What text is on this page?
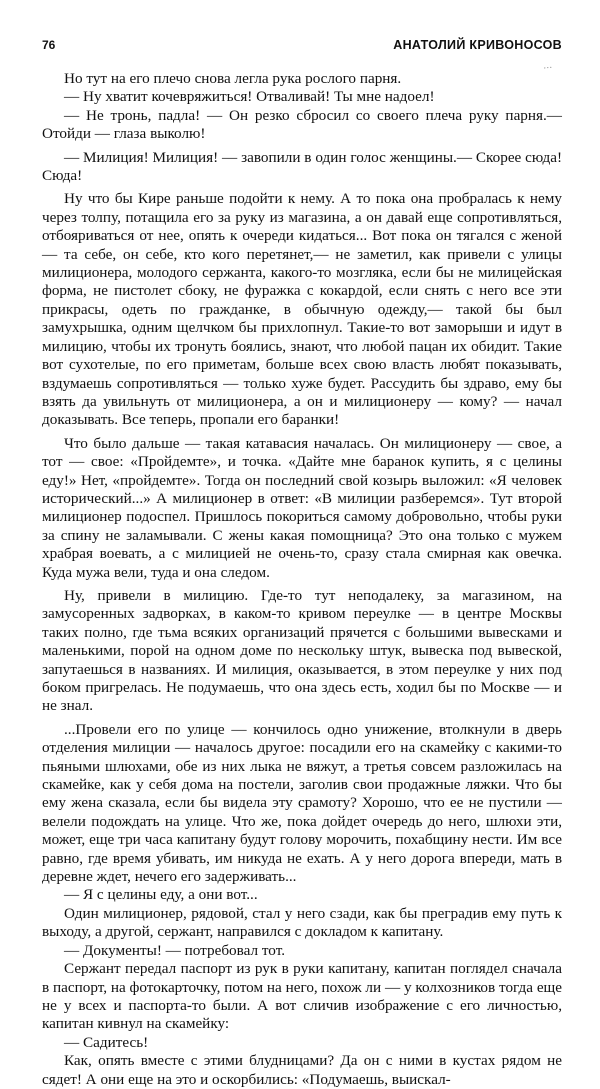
76	АНАТОЛИЙ КРИВОНОСОВ
…

Но тут на его плечо снова легла рука рослого парня.

— Ну хватит кочевряжиться! Отваливай! Ты мне надоел!

— Не тронь, падла! — Он резко сбросил со своего плеча руку парня.— Отойди — глаза выколю!

— Милиция! Милиция! — завопили в один голос женщины.— Скорее сюда! Сюда!

Ну что бы Кире раньше подойти к нему. А то пока она пробралась к нему через толпу, потащила его за руку из магазина, а он давай еще сопротивляться, отбояриваться от нее, опять к очереди кидаться... Вот пока он тягался с женой — та себе, он себе, кто кого перетянет,— не заметил, как привели с улицы милиционера, молодого сержанта, какого-то мозгляка, если бы не милицейская форма, не пистолет сбоку, не фуражка с кокардой, если снять с него все эти прикрасы, одеть по гражданке, в обычную одежду,— такой бы был замухрышка, одним щелчком бы прихлопнул. Такие-то вот заморыши и идут в милицию, чтобы их тронуть боялись, знают, что любой пацан их обидит. Такие вот сухотелые, по его приметам, больше всех свою власть любят показывать, вздумаешь сопротивляться — только хуже будет. Рассудить бы здраво, ему бы взять да увильнуть от милиционера, а он и милиционеру — кому? — начал доказывать. Все теперь, пропали его баранки!

Что было дальше — такая катавасия началась. Он милиционеру — свое, а тот — свое: «Пройдемте», и точка. «Дайте мне баранок купить, я с целины еду!» Нет, «пройдемте». Тогда он последний свой козырь выложил: «Я человек исторический...» А милиционер в ответ: «В милиции разберемся». Тут второй милиционер подоспел. Пришлось покориться самому добровольно, чтобы руки за спину не заламывали. С жены какая помощница? Это она только с мужем храбрая воевать, а с милицией не очень-то, сразу стала смирная как овечка. Куда мужа вели, туда и она следом.

Ну, привели в милицию. Где-то тут неподалеку, за магазином, на замусоренных задворках, в каком-то кривом переулке — в центре Москвы таких полно, где тьма всяких организаций прячется с большими вывесками и маленькими, порой на одном доме по нескольку штук, вывеска под вывеской, запутаешься в названиях. И милиция, оказывается, в этом переулке у них под боком пригрелась. Не подумаешь, что она здесь есть, ходил бы по Москве — и не знал.

...Провели его по улице — кончилось одно унижение, втолкнули в дверь отделения милиции — началось другое: посадили его на скамейку с какими-то пьяными шлюхами, обе из них лыка не вяжут, а третья совсем разложилась на скамейке, как у себя дома на постели, заголив свои продажные ляжки. Что бы ему жена сказала, если бы видела эту срамоту? Хорошо, что ее не пустили — велели подождать на улице. Что же, пока дойдет очередь до него, шлюхи эти, может, еще три часа капитану будут голову морочить, похабщину нести. Им все равно, где время убивать, им никуда не ехать. А у него дорога впереди, мать в деревне ждет, нечего его задерживать...

— Я с целины еду, а они вот...

Один милиционер, рядовой, стал у него сзади, как бы преградив ему путь к выходу, а другой, сержант, направился с докладом к капитану.

— Документы! — потребовал тот.

Сержант передал паспорт из рук в руки капитану, капитан поглядел сначала в паспорт, на фотокарточку, потом на него, похож ли — у колхозников тогда еще не у всех и паспорта-то были. А вот сличив изображение с его личностью, капитан кивнул на скамейку:

— Садитесь!

Как, опять вместе с этими блудницами? Да он с ними в кустах рядом не сядет! А они еще на это и оскорбились: «Подумаешь, выискал-
